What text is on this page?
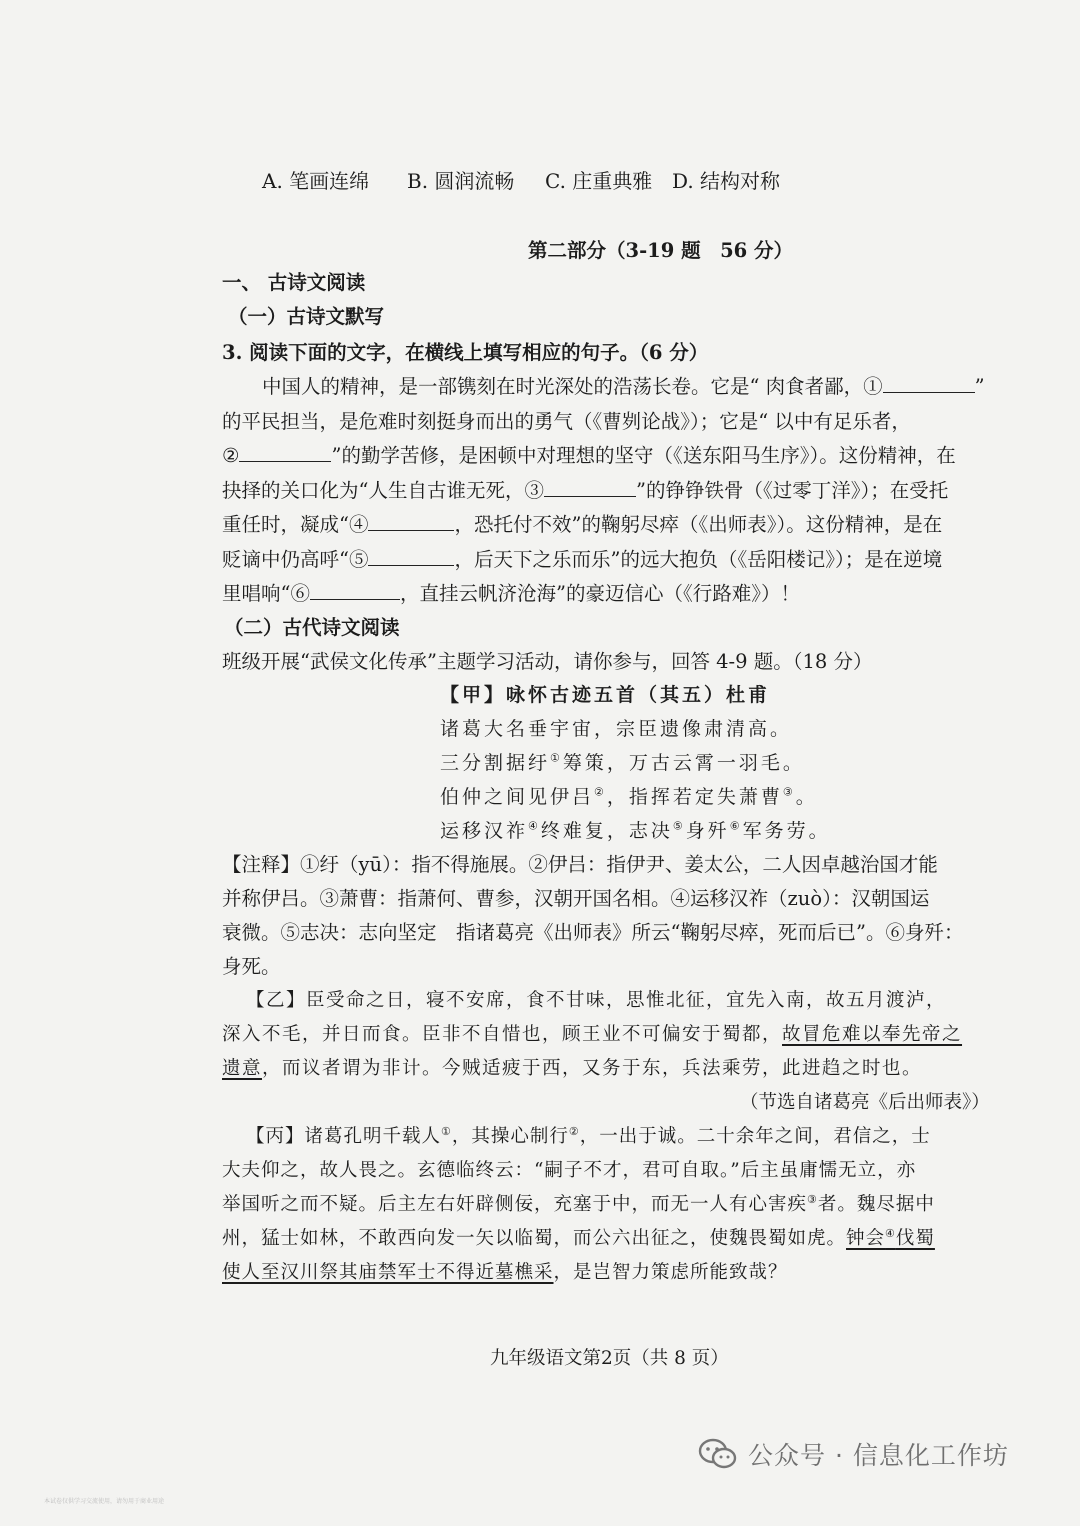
A. 笔画连绵 B. 圆润流畅 C. 庄重典雅 D. 结构对称
第二部分（3-19 题　56 分）
一、 古诗文阅读
（一）古诗文默写
3. 阅读下面的文字，在横线上填写相应的句子。（6 分）
中国人的精神，是一部镌刻在时光深处的浩荡长卷。它是“ 肉食者鄙，①	”
的平民担当，是危难时刻挺身而出的勇气（《曹刿论战》）；它是“ 以中有足乐者，
②	”的勤学苦修，是困顿中对理想的坚守（《送东阳马生序》）。这份精神，在
抉择的关口化为“人生自古谁无死，③	”的铮铮铁骨（《过零丁洋》）；在受托
重任时，凝成“④	，恐托付不效”的鞠躬尽瘁（《出师表》）。这份精神，是在
贬谪中仍高呼“⑤	，后天下之乐而乐”的远大抱负（《岳阳楼记》）；是在逆境
里唱响“⑥	，直挂云帆济沧海”的豪迈信心（《行路难》）！
（二）古代诗文阅读
班级开展“武侯文化传承”主题学习活动，请你参与，回答 4-9 题。（18 分）
【甲】咏怀古迹五首（其五）杜甫
诸葛大名垂宇宙，宗臣遗像肃清高。
三分割据纡①筹策，万古云霄一羽毛。
伯仲之间见伊吕②，指挥若定失萧曹③。
运移汉祚④终难复，志决⑤身歼⑥军务劳。
【注释】①纡（yū）：指不得施展。②伊吕：指伊尹、姜太公，二人因卓越治国才能
并称伊吕。③萧曹：指萧何、曹参，汉朝开国名相。④运移汉祚（zuò）：汉朝国运
衰微。⑤志决：志向坚定　指诸葛亮《出师表》所云“鞠躬尽瘁，死而后已”。⑥身歼：
身死。
【乙】臣受命之日，寝不安席，食不甘味，思惟北征，宜先入南，故五月渡泸，
深入不毛，并日而食。臣非不自惜也，顾王业不可偏安于蜀都，故冒危难以奉先帝之
遗意，而议者谓为非计。今贼适疲于西，又务于东，兵法乘劳，此进趋之时也。
（节选自诸葛亮《后出师表》）
【丙】诸葛孔明千载人①，其操心制行②，一出于诚。二十余年之间，君信之，士
大夫仰之，故人畏之。玄德临终云：“嗣子不才，君可自取。”后主虽庸懦无立，亦
举国听之而不疑。后主左右奸辟侧佞，充塞于中，而无一人有心害疾③者。魏尽据中
州，猛士如林，不敢西向发一矢以临蜀，而公六出征之，使魏畏蜀如虎。钟会④伐蜀
使人至汉川祭其庙禁军士不得近墓樵采，是岂智力策虑所能致哉？
九年级语文第2页（共 8 页）
公众号 · 信息化工作坊
本试卷仅供学习交流使用，请勿用于商业用途
